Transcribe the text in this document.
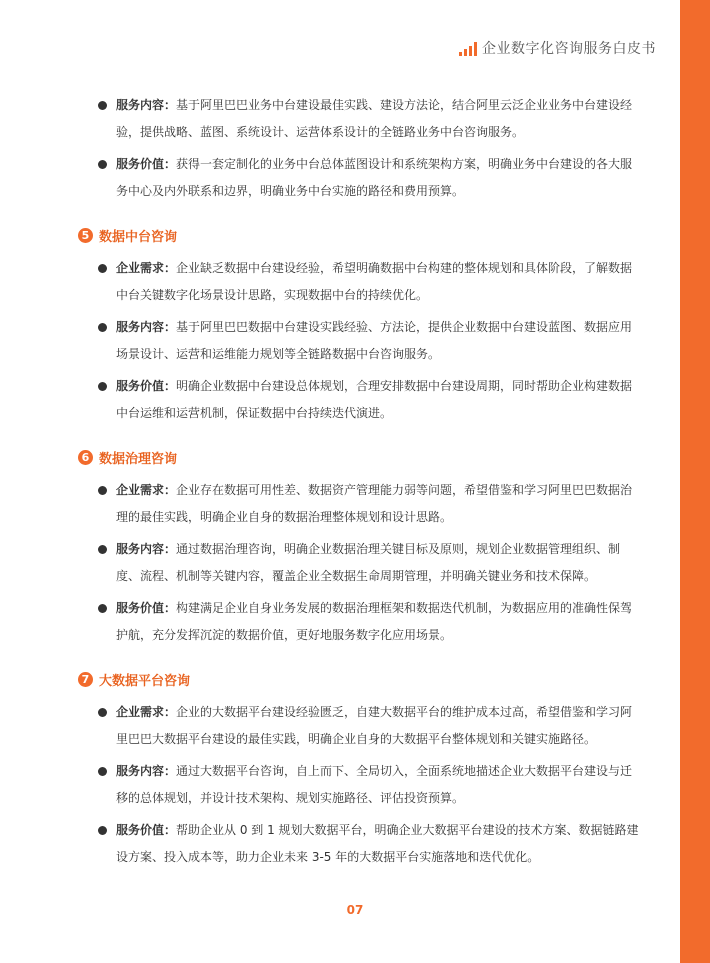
企业数字化咨询服务白皮书
服务内容：基于阿里巴巴业务中台建设最佳实践、建设方法论，结合阿里云泛企业业务中台建设经验，提供战略、蓝图、系统设计、运营体系设计的全链路业务中台咨询服务。
服务价值：获得一套定制化的业务中台总体蓝图设计和系统架构方案，明确业务中台建设的各大服务中心及内外联系和边界，明确业务中台实施的路径和费用预算。
5 数据中台咨询
企业需求：企业缺乏数据中台建设经验，希望明确数据中台构建的整体规划和具体阶段，了解数据中台关键数字化场景设计思路，实现数据中台的持续优化。
服务内容：基于阿里巴巴数据中台建设实践经验、方法论，提供企业数据中台建设蓝图、数据应用场景设计、运营和运维能力规划等全链路数据中台咨询服务。
服务价值：明确企业数据中台建设总体规划，合理安排数据中台建设周期，同时帮助企业构建数据中台运维和运营机制，保证数据中台持续迭代演进。
6 数据治理咨询
企业需求：企业存在数据可用性差、数据资产管理能力弱等问题，希望借鉴和学习阿里巴巴数据治理的最佳实践，明确企业自身的数据治理整体规划和设计思路。
服务内容：通过数据治理咨询，明确企业数据治理关键目标及原则，规划企业数据管理组织、制度、流程、机制等关键内容，覆盖企业全数据生命周期管理，并明确关键业务和技术保障。
服务价值：构建满足企业自身业务发展的数据治理框架和数据迭代机制，为数据应用的准确性保驾护航，充分发挥沉淀的数据价值，更好地服务数字化应用场景。
7 大数据平台咨询
企业需求：企业的大数据平台建设经验匮乏，自建大数据平台的维护成本过高，希望借鉴和学习阿里巴巴大数据平台建设的最佳实践，明确企业自身的大数据平台整体规划和关键实施路径。
服务内容：通过大数据平台咨询，自上而下、全局切入，全面系统地描述企业大数据平台建设与迁移的总体规划，并设计技术架构、规划实施路径、评估投资预算。
服务价值：帮助企业从 0 到 1 规划大数据平台，明确企业大数据平台建设的技术方案、数据链路建设方案、投入成本等，助力企业未来 3-5 年的大数据平台实施落地和迭代优化。
07
